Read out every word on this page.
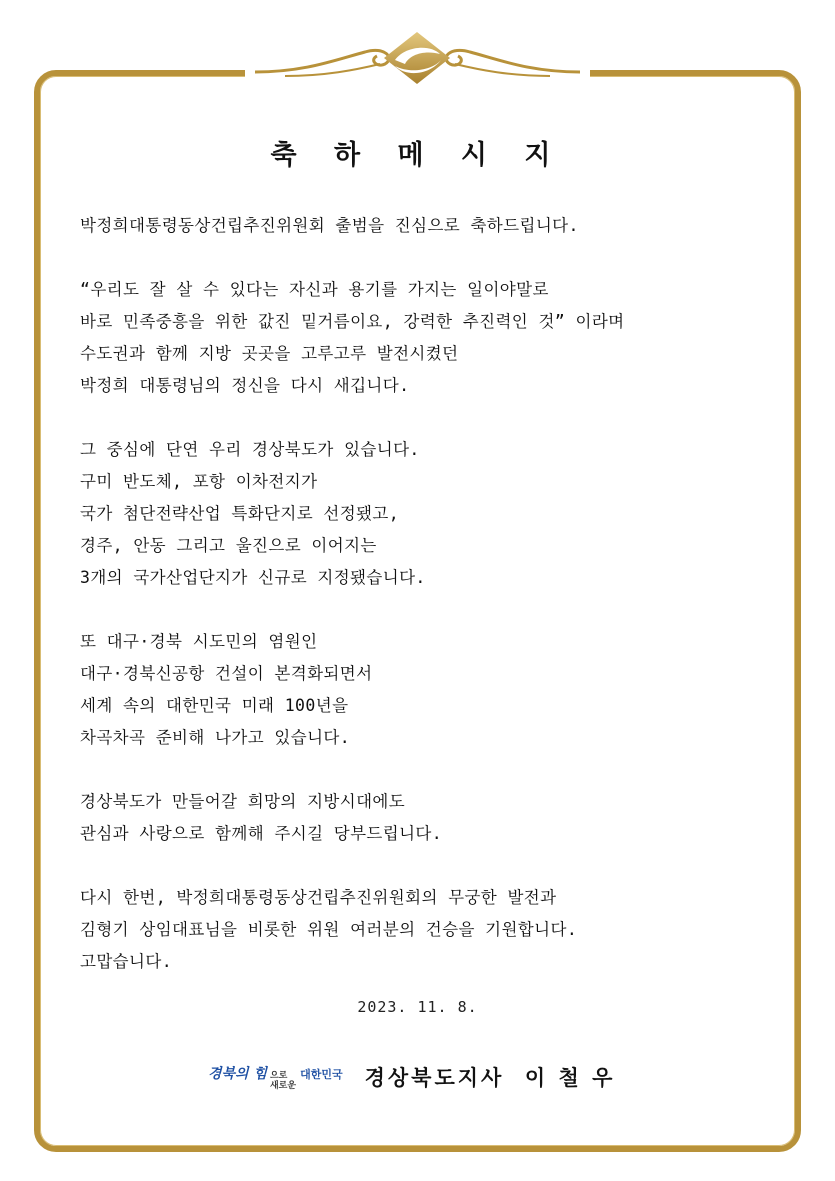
축 하 메 시 지

박정희대통령동상건립추진위원회 출범을 진심으로 축하드립니다.

“우리도 잘 살 수 있다는 자신과 용기를 가지는 일이야말로
바로 민족중흥을 위한 값진 밑거름이요, 강력한 추진력인 것” 이라며
수도권과 함께 지방 곳곳을 고루고루 발전시켰던
박정희 대통령님의 정신을 다시 새깁니다.

그 중심에 단연 우리 경상북도가 있습니다.
구미 반도체, 포항 이차전지가
국가 첨단전략산업 특화단지로 선정됐고,
경주, 안동 그리고 울진으로 이어지는
3개의 국가산업단지가 신규로 지정됐습니다.

또 대구·경북 시도민의 염원인
대구·경북신공항 건설이 본격화되면서
세계 속의 대한민국 미래 100년을
차곡차곡 준비해 나가고 있습니다.

경상북도가 만들어갈 희망의 지방시대에도
관심과 사랑으로 함께해 주시길 당부드립니다.

다시 한번, 박정희대통령동상건립추진위원회의 무궁한 발전과
김형기 상임대표님을 비롯한 위원 여러분의 건승을 기원합니다.
고맙습니다.

2023. 11. 8.
경북의 힘 으로
새로운
대한민국 경상북도지사  이 철 우
